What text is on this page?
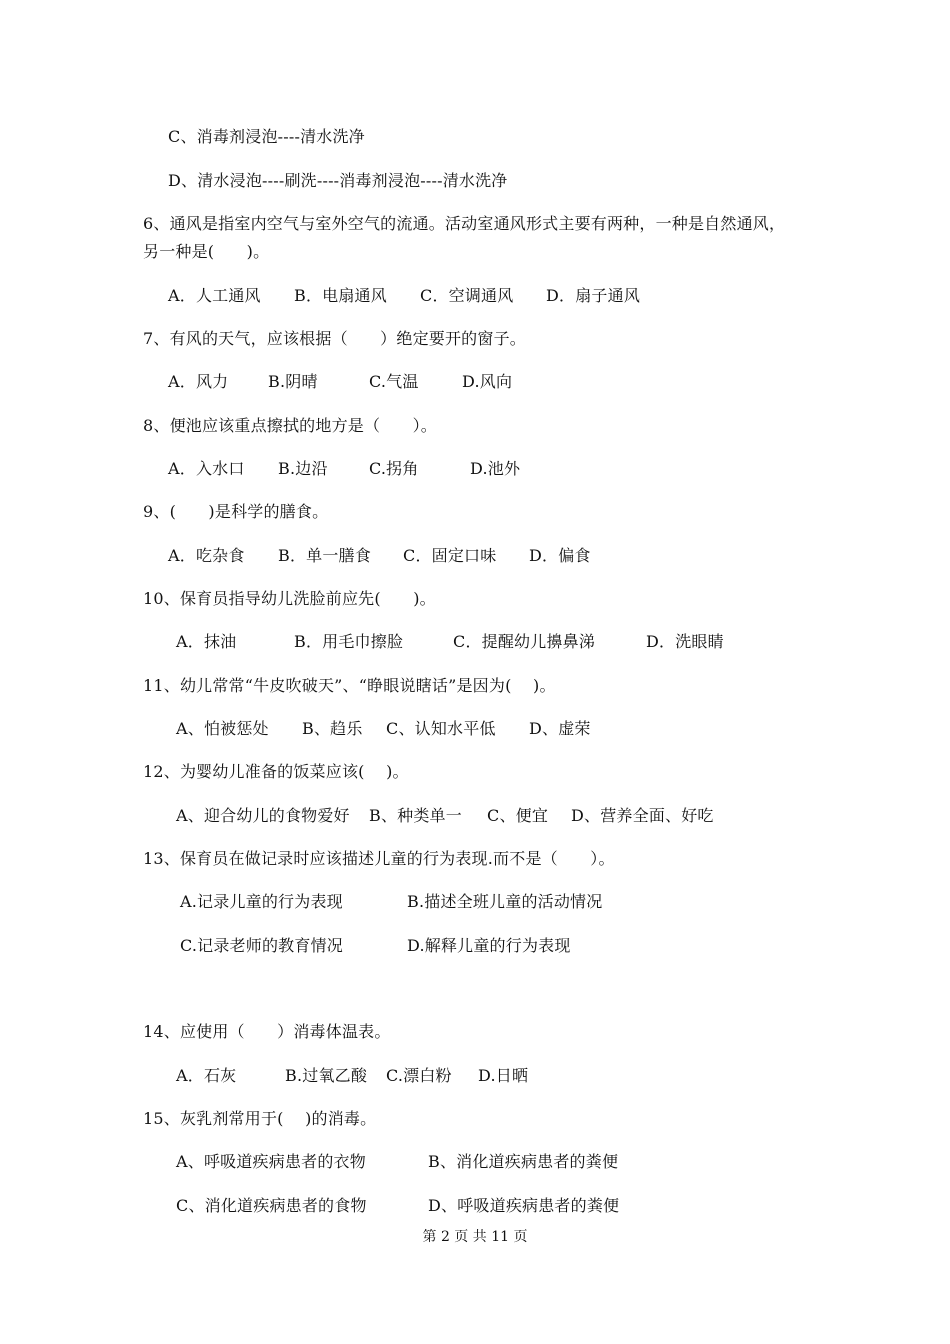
C、消毒剂浸泡----清水洗净
D、清水浸泡----刷洗----消毒剂浸泡----清水洗净
6、通风是指室内空气与室外空气的流通。活动室通风形式主要有两种，一种是自然通风，
另一种是(　　)。
A．人工通风 B．电扇通风 C．空调通风 D．扇子通风
7、有风的天气，应该根据（　　）绝定要开的窗子。
A．风力 B.阴晴	C.气温	D.风向
8、便池应该重点擦拭的地方是（　　）。
A．入水口 B.边沿	C.拐角	D.池外
9、(　　)是科学的膳食。
A．吃杂食 B．单一膳食 C．固定口味 D．偏食
10、保育员指导幼儿洗脸前应先(　　)。
A．抹油	B．用毛巾擦脸	C．提醒幼儿擤鼻涕	D．洗眼睛
11、幼儿常常“牛皮吹破天”、“睁眼说瞎话”是因为(　 )。
A、怕被惩处 B、趋乐 C、认知水平低 D、虚荣
12、为婴幼儿准备的饭菜应该(　 )。
A、迎合幼儿的食物爱好 B、种类单一 C、便宜 D、营养全面、好吃
13、保育员在做记录时应该描述儿童的行为表现.而不是（　　）。
A.记录儿童的行为表现	B.描述全班儿童的活动情况
C.记录老师的教育情况	D.解释儿童的行为表现
14、应使用（　　）消毒体温表。
A．石灰	B.过氧乙酸 C.漂白粉 D.日晒
15、灰乳剂常用于(　 )的消毒。
A、呼吸道疾病患者的衣物	B、消化道疾病患者的粪便
C、消化道疾病患者的食物	D、呼吸道疾病患者的粪便
第 2 页 共 11 页
